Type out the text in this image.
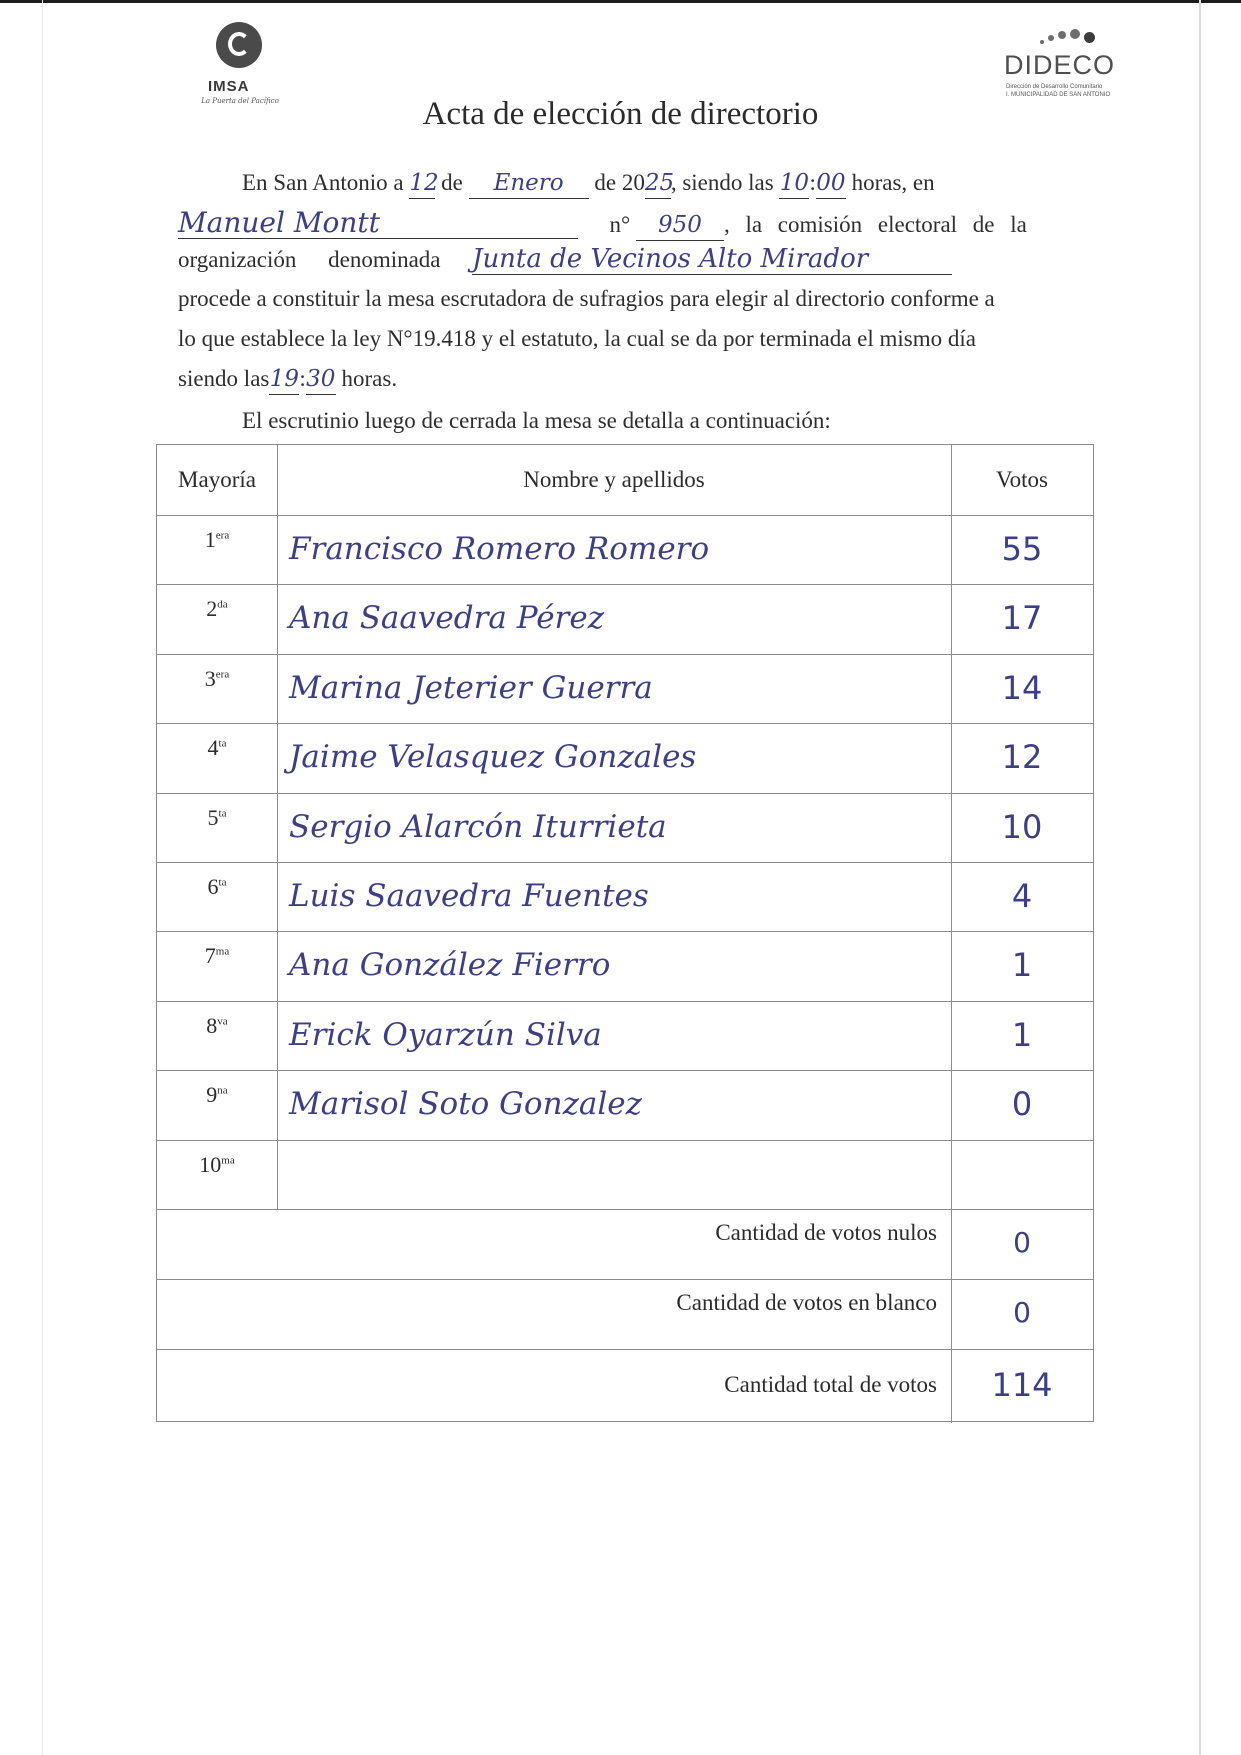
IMSA
La Puerta del Pacífico
DIDECO
Dirección de Desarrollo Comunitario
I. MUNICIPALIDAD DE SAN ANTONIO
Acta de elección de directorio
En San Antonio a 12 de Enero de 2025, siendo las 10:00 horas, en
Manuel Montt	n° 950 , la comisión electoral de la
organización denominada Junta de Vecinos Alto Mirador
procede a constituir la mesa escrutadora de sufragios para elegir al directorio conforme a
lo que establece la ley N°19.418 y el estatuto, la cual se da por terminada el mismo día
siendo las19:30 horas.
El escrutinio luego de cerrada la mesa se detalla a continuación:
Mayoría	Nombre y apellidos	Votos
$1^{era}$	Francisco Romero Romero	55
$2^{da}$	Ana Saavedra Pérez	17
$3^{era}$	Marina Jeterier Guerra	14
$4^{ta}$	Jaime Velasquez Gonzales	12
$5^{ta}$	Sergio Alarcón Iturrieta	10
$6^{ta}$	Luis Saavedra Fuentes	4
$7^{ma}$	Ana González Fierro	1
$8^{va}$	Erick Oyarzún Silva	1
$9^{na}$	Marisol Soto Gonzalez	0
$10^{ma}$
Cantidad de votos nulos	0
Cantidad de votos en blanco	0
Cantidad total de votos	114
